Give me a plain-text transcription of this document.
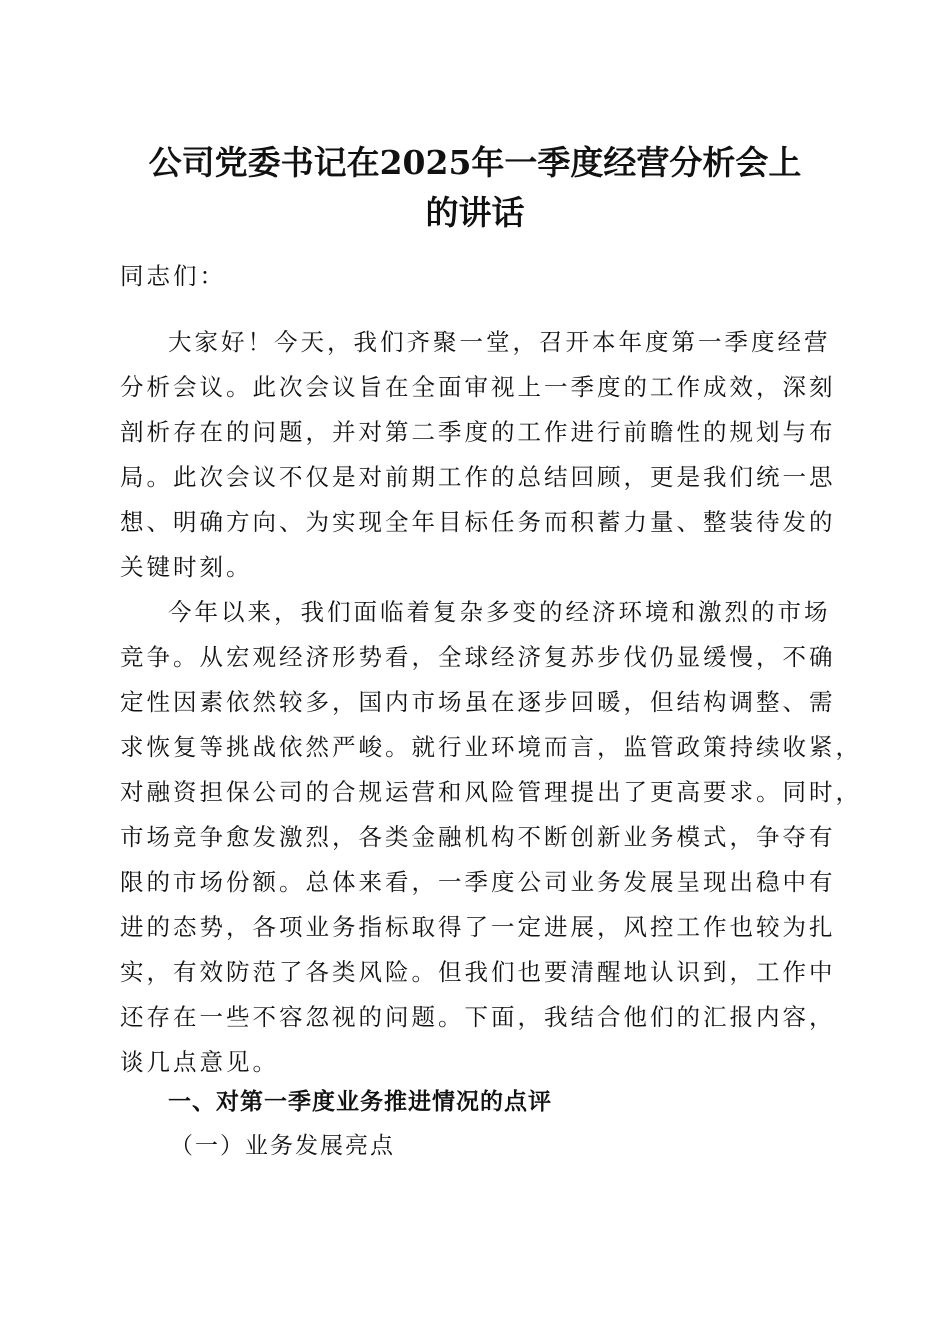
公司党委书记在2025年一季度经营分析会上
的讲话
同志们：
大家好！今天，我们齐聚一堂，召开本年度第一季度经营
分析会议。此次会议旨在全面审视上一季度的工作成效，深刻
剖析存在的问题，并对第二季度的工作进行前瞻性的规划与布
局。此次会议不仅是对前期工作的总结回顾，更是我们统一思
想、明确方向、为实现全年目标任务而积蓄力量、整装待发的
关键时刻。
今年以来，我们面临着复杂多变的经济环境和激烈的市场
竞争。从宏观经济形势看，全球经济复苏步伐仍显缓慢，不确
定性因素依然较多，国内市场虽在逐步回暖，但结构调整、需
求恢复等挑战依然严峻。就行业环境而言，监管政策持续收紧，
对融资担保公司的合规运营和风险管理提出了更高要求。同时，
市场竞争愈发激烈，各类金融机构不断创新业务模式，争夺有
限的市场份额。总体来看，一季度公司业务发展呈现出稳中有
进的态势，各项业务指标取得了一定进展，风控工作也较为扎
实，有效防范了各类风险。但我们也要清醒地认识到，工作中
还存在一些不容忽视的问题。下面，我结合他们的汇报内容，
谈几点意见。
一、对第一季度业务推进情况的点评
（一）业务发展亮点
